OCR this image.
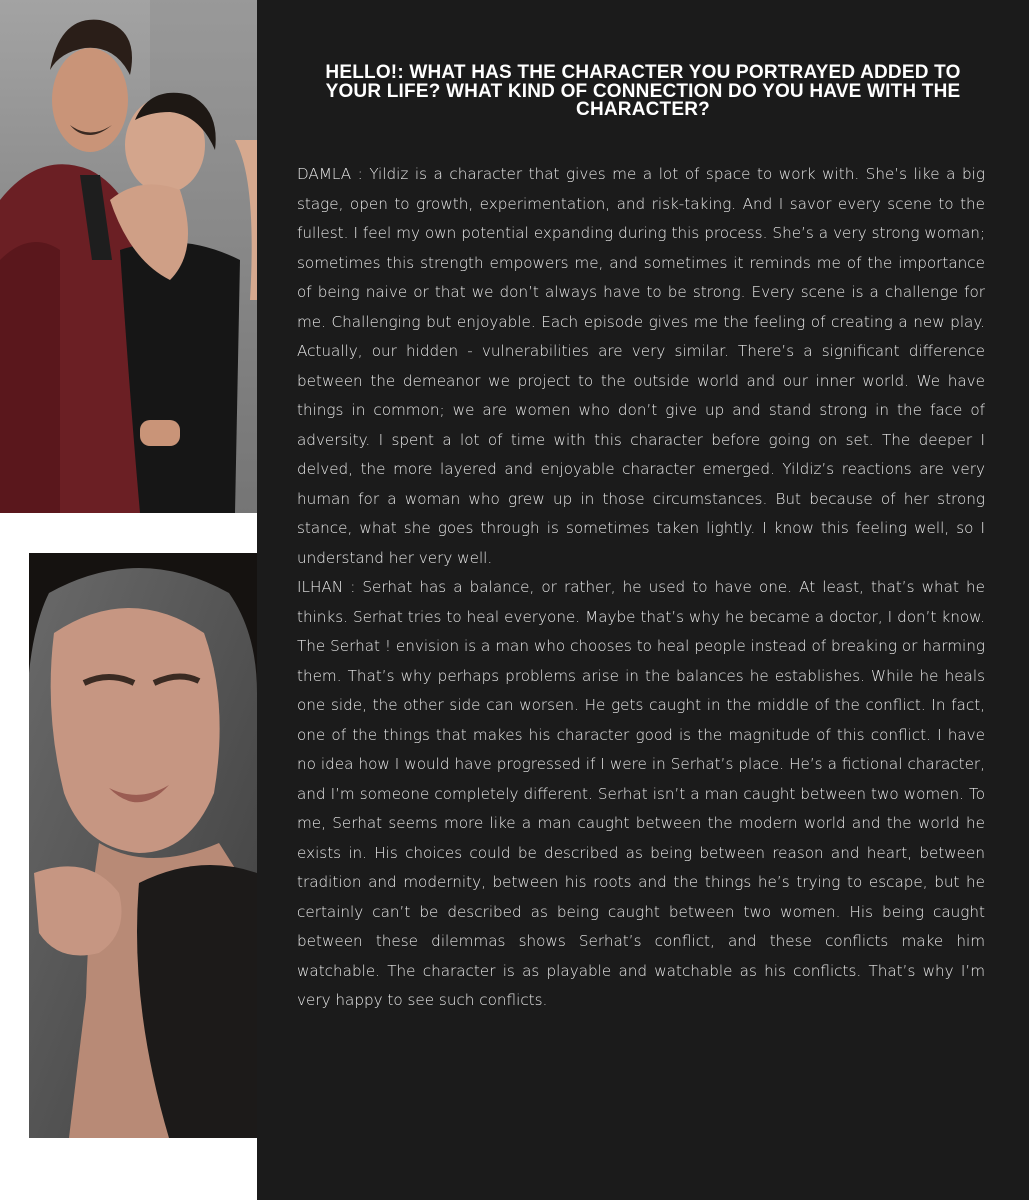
HELLO!: WHAT HAS THE CHARACTER YOU PORTRAYED ADDED TO YOUR LIFE? WHAT KIND OF CONNECTION DO YOU HAVE WITH THE CHARACTER?

DAMLA : Yildiz is a character that gives me a lot of space to work with. She’s like a big stage, open to growth, experimentation, and risk-taking. And I savor every scene to the fullest. I feel my own potential expanding during this process. She’s a very strong woman; sometimes this strength empowers me, and sometimes it reminds me of the importance of being naive or that we don’t always have to be strong. Every scene is a challenge for me. Challenging but enjoyable. Each episode gives me the feeling of creating a new play. Actually, our hidden - vulnerabilities are very similar. There’s a significant difference between the demeanor we project to the outside world and our inner world. We have things in common; we are women who don’t give up and stand strong in the face of adversity. I spent a lot of time with this character before going on set. The deeper I delved, the more layered and enjoyable character emerged. Yildiz’s reactions are very human for a woman who grew up in those circumstances. But because of her strong stance, what she goes through is sometimes taken lightly. I know this feeling well, so I understand her very well.

ILHAN : Serhat has a balance, or rather, he used to have one. At least, that’s what he thinks. Serhat tries to heal everyone. Maybe that’s why he became a doctor, I don’t know. The Serhat ! envision is a man who chooses to heal people instead of breaking or harming them. That’s why perhaps problems arise in the balances he establishes. While he heals one side, the other side can worsen. He gets caught in the middle of the conflict. In fact, one of the things that makes his character good is the magnitude of this conflict. I have no idea how I would have progressed if I were in Serhat’s place. He’s a fictional character, and I’m someone completely different. Serhat isn’t a man caught between two women. To me, Serhat seems more like a man caught between the modern world and the world he exists in. His choices could be described as being between reason and heart, between tradition and modernity, between his roots and the things he’s trying to escape, but he certainly can’t be described as being caught between two women. His being caught between these dilemmas shows Serhat’s conflict, and these conflicts make him watchable. The character is as playable and watchable as his conflicts. That’s why I’m very happy to see such conflicts.
